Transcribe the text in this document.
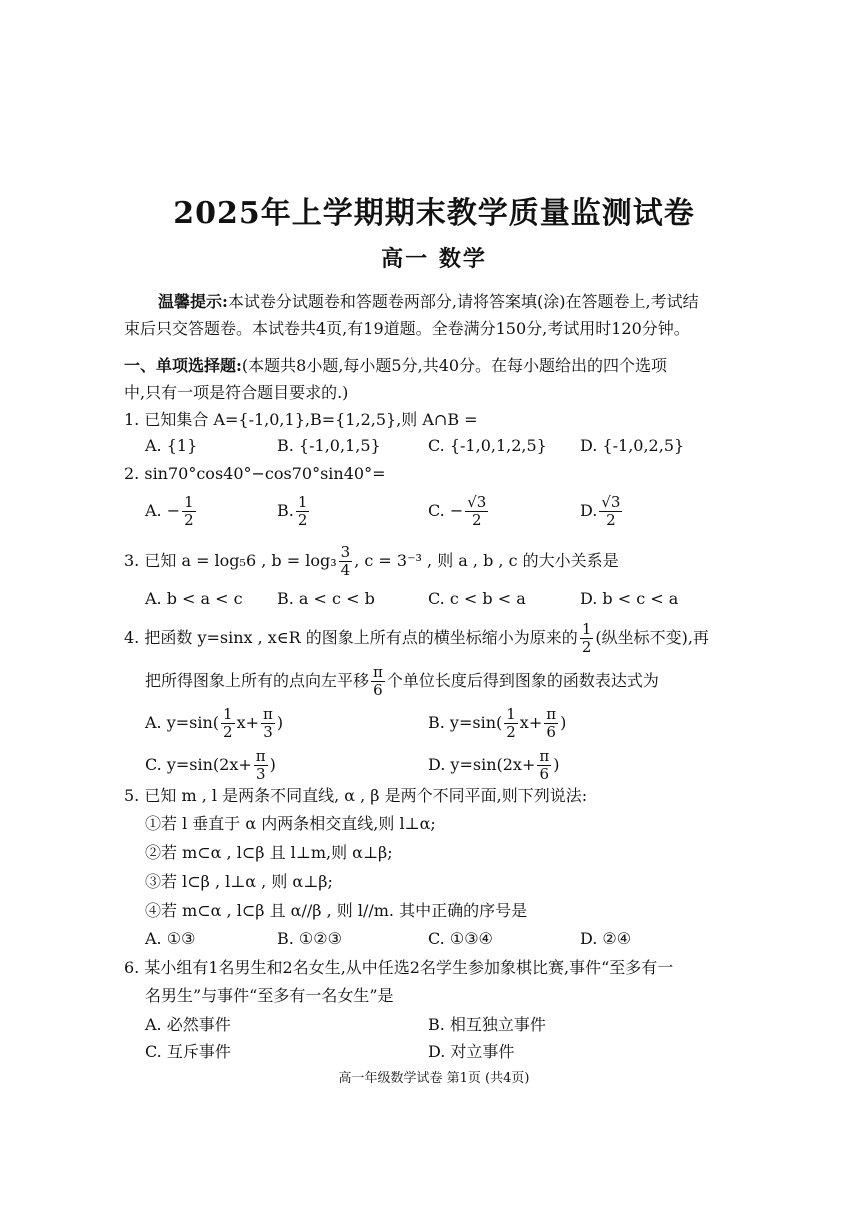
2025年上学期期末教学质量监测试卷
高一 数学
温馨提示:本试卷分试题卷和答题卷两部分,请将答案填(涂)在答题卷上,考试结
束后只交答题卷。本试卷共4页,有19道题。全卷满分150分,考试用时120分钟。
一、单项选择题:(本题共8小题,每小题5分,共40分。在每小题给出的四个选项
中,只有一项是符合题目要求的.)
1. 已知集合 A={-1,0,1},B={1,2,5},则 A∩B =
A. {1}	B. {-1,0,1,5}	C. {-1,0,1,2,5} D. {-1,0,2,5}
2. sin70°cos40°−cos70°sin40°=
A. − $\frac{1}{2}$	B. $\frac{1}{2}$	C. − $\frac{√3}{2}$	D. $\frac{√3}{2}$
3. 已知 a = log₅6 , $b = \log_3 \frac{3}{4}$ , c = 3⁻³ , 则 a , b , c 的大小关系是
A. b < a < c B. a < c < b	C. c < b < a	D. b < c < a
4. 把函数 y=sinx , x∈R 的图象上所有点的横坐标缩小为原来的 $\frac{1}{2}$ (纵坐标不变),再
把所得图象上所有的点向左平移 $\frac{\pi}{6}$ 个单位长度后得到图象的函数表达式为
A. $y=\sin( \frac{1}{2} x+ \frac{\pi}{3}$ )	B. $y=\sin( \frac{1}{2} x+ \frac{\pi}{6}$ )
C. $y=\sin(2x+ \frac{\pi}{3}$ )	D. $y=\sin(2x+ \frac{\pi}{6}$ )
5. 已知 m , l 是两条不同直线, α , β 是两个不同平面,则下列说法:
①若 l 垂直于 α 内两条相交直线,则 l⊥α;
②若 m⊂α , l⊂β 且 l⊥m,则 α⊥β;
③若 l⊂β , l⊥α , 则 α⊥β;
④若 m⊂α , l⊂β 且 α//β , 则 l//m. 其中正确的序号是
A. ①③	B. ①②③	C. ①③④	D. ②④
6. 某小组有1名男生和2名女生,从中任选2名学生参加象棋比赛,事件“至多有一
名男生”与事件“至多有一名女生”是
A. 必然事件	B. 相互独立事件
C. 互斥事件	D. 对立事件
高一年级数学试卷 第1页 (共4页)
